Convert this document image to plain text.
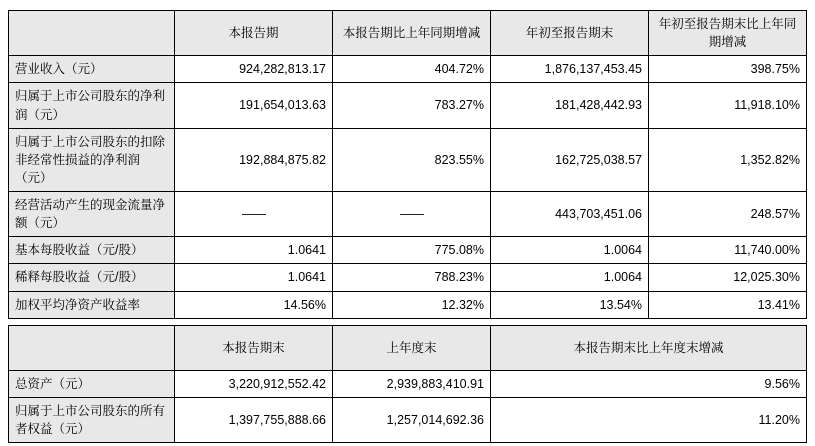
	本报告期	本报告期比上年同期增减	年初至报告期末	年初至报告期末比上年同期增减
营业收入（元）	924,282,813.17	404.72%	1,876,137,453.45	398.75%
归属于上市公司股东的净利润（元）	191,654,013.63	783.27%	181,428,442.93	11,918.10%
归属于上市公司股东的扣除非经常性损益的净利润（元）	192,884,875.82	823.55%	162,725,038.57	1,352.82%
经营活动产生的现金流量净额（元）	——	——	443,703,451.06	248.57%
基本每股收益（元/股）	1.0641	775.08%	1.0064	11,740.00%
稀释每股收益（元/股）	1.0641	788.23%	1.0064	12,025.30%
加权平均净资产收益率	14.56%	12.32%	13.54%	13.41%
	本报告期末	上年度末	本报告期末比上年度末增减
总资产（元）	3,220,912,552.42	2,939,883,410.91	9.56%
归属于上市公司股东的所有者权益（元）	1,397,755,888.66	1,257,014,692.36	11.20%
